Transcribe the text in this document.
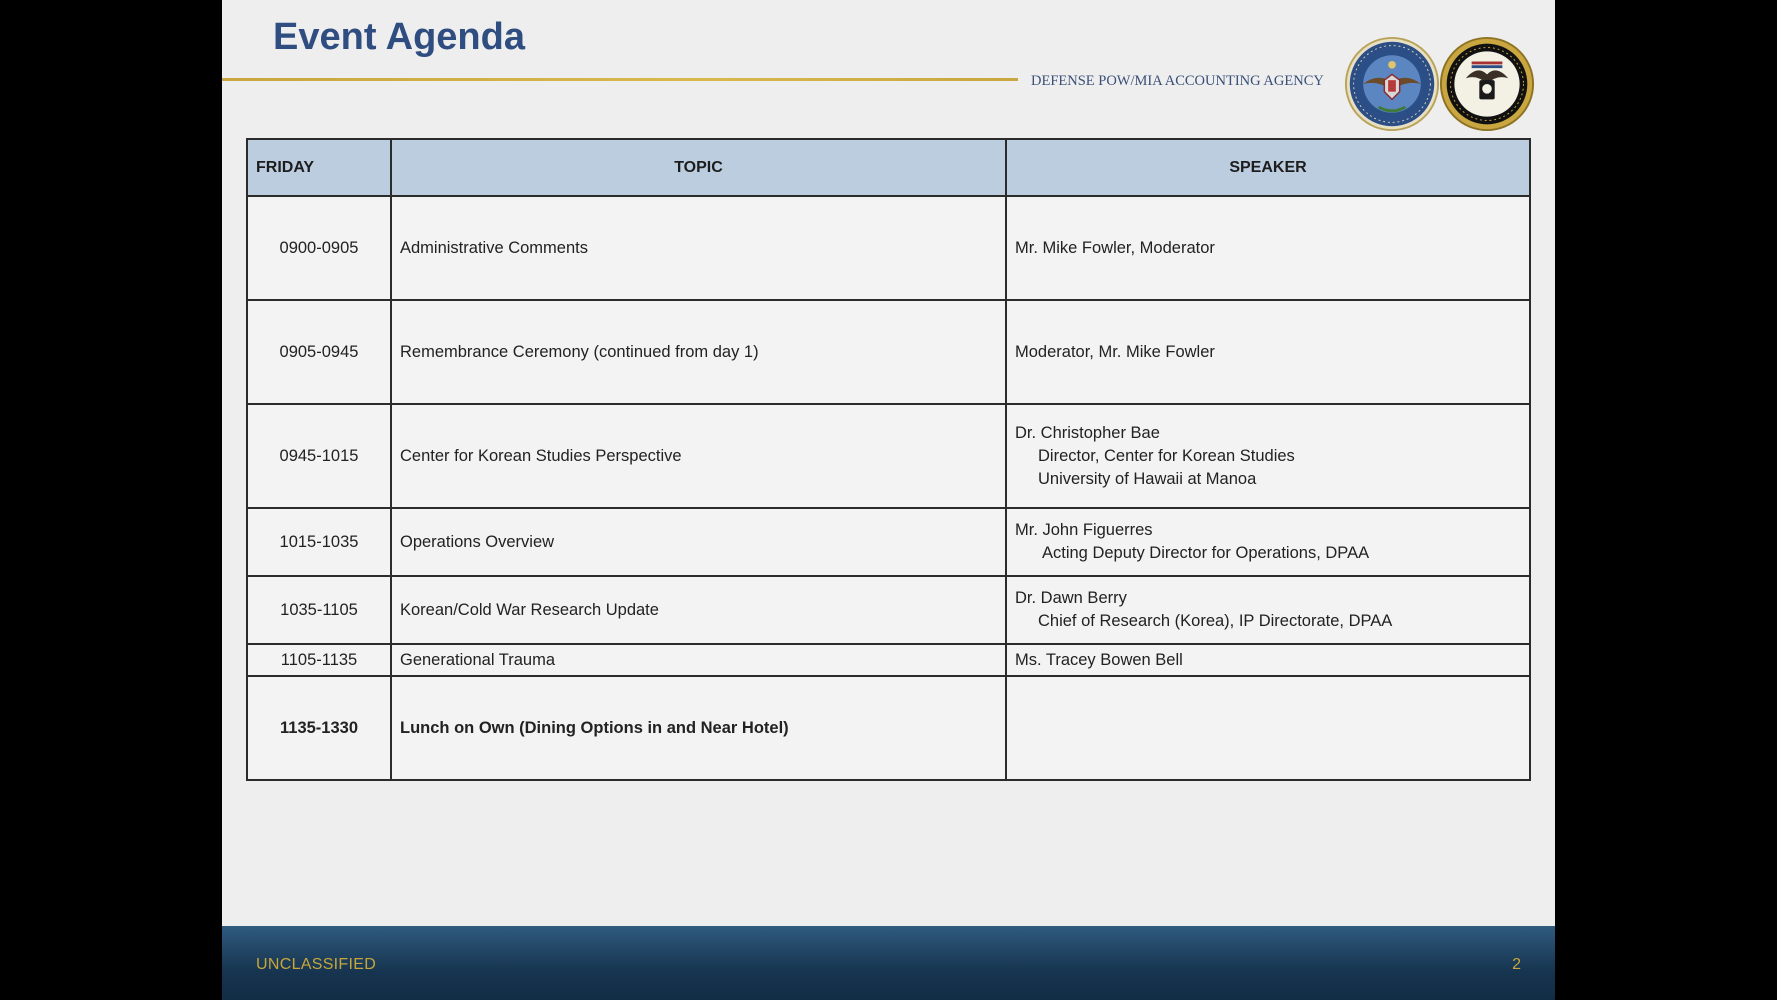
Event Agenda
DEFENSE POW/MIA ACCOUNTING AGENCY
FRIDAY	TOPIC	SPEAKER
0900-0905	Administrative Comments	Mr. Mike Fowler, Moderator

0905-0945	Remembrance Ceremony (continued from day 1)	Moderator, Mr. Mike Fowler

0945-1015	Center for Korean Studies Perspective	Dr. Christopher Bae
Director, Center for Korean Studies
University of Hawaii at Manoa

1015-1035	Operations Overview	Mr. John Figuerres
Acting Deputy Director for Operations, DPAA

1035-1105	Korean/Cold War Research Update	Dr. Dawn Berry
Chief of Research (Korea), IP Directorate, DPAA

1105-1135	Generational Trauma	Ms. Tracey Bowen Bell

1135-1330	Lunch on Own (Dining Options in and Near Hotel)	
UNCLASSIFIED	2
